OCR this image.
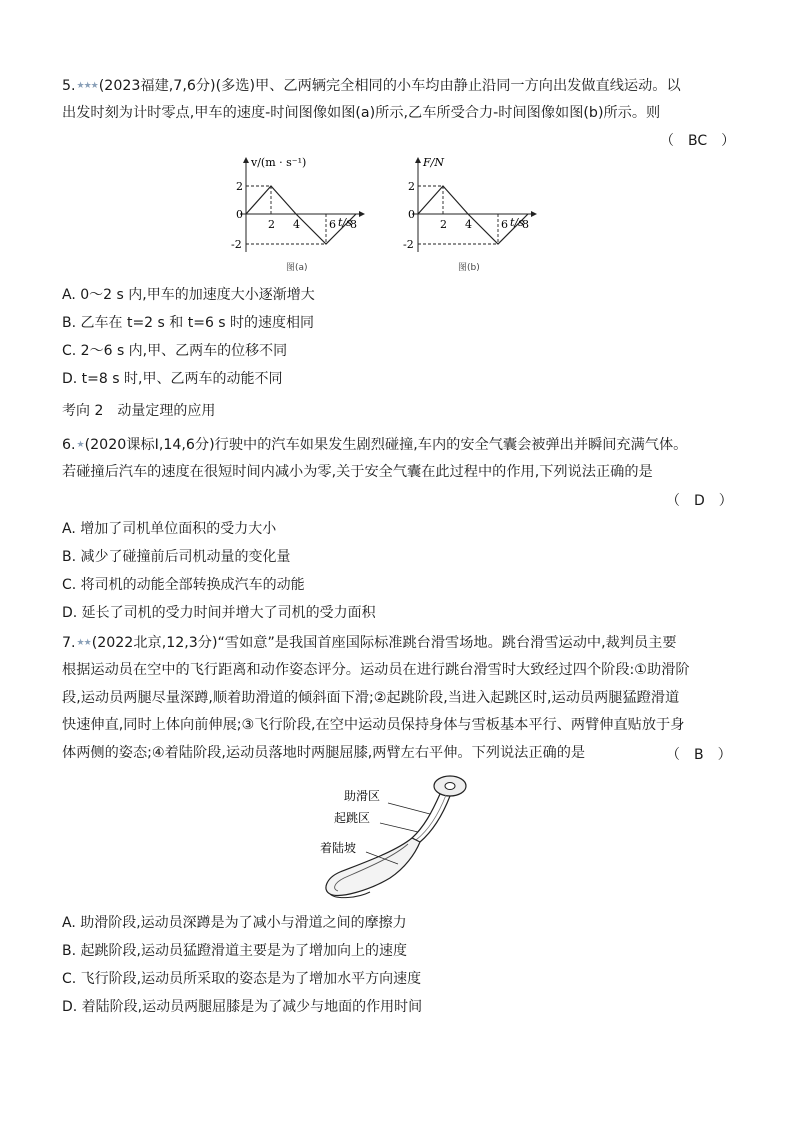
5.★★★(2023福建,7,6分)(多选)甲、乙两辆完全相同的小车均由静止沿同一方向出发做直线运动。以
出发时刻为计时零点,甲车的速度-时间图像如图(a)所示,乙车所受合力-时间图像如图(b)所示。则
（　BC　）
v/(m · s⁻¹)
t/s
0
2
-2
2 4	6 8
图(a)
F/N
t/s
0
2
-2
2 4	6 8
图(b)
A. 0～2 s 内,甲车的加速度大小逐渐增大
B. 乙车在 t=2 s 和 t=6 s 时的速度相同
C. 2～6 s 内,甲、乙两车的位移不同
D. t=8 s 时,甲、乙两车的动能不同
考向 2　动量定理的应用
6.★(2020课标Ⅰ,14,6分)行驶中的汽车如果发生剧烈碰撞,车内的安全气囊会被弹出并瞬间充满气体。
若碰撞后汽车的速度在很短时间内减小为零,关于安全气囊在此过程中的作用,下列说法正确的是
（　D　）
A. 增加了司机单位面积的受力大小
B. 减少了碰撞前后司机动量的变化量
C. 将司机的动能全部转换成汽车的动能
D. 延长了司机的受力时间并增大了司机的受力面积
7.★★(2022北京,12,3分)“雪如意”是我国首座国际标准跳台滑雪场地。跳台滑雪运动中,裁判员主要
根据运动员在空中的飞行距离和动作姿态评分。运动员在进行跳台滑雪时大致经过四个阶段:①助滑阶
段,运动员两腿尽量深蹲,顺着助滑道的倾斜面下滑;②起跳阶段,当进入起跳区时,运动员两腿猛蹬滑道
快速伸直,同时上体向前伸展;③飞行阶段,在空中运动员保持身体与雪板基本平行、两臂伸直贴放于身
体两侧的姿态;④着陆阶段,运动员落地时两腿屈膝,两臂左右平伸。下列说法正确的是	（　B　）
助滑区
起跳区
着陆坡
A. 助滑阶段,运动员深蹲是为了减小与滑道之间的摩擦力
B. 起跳阶段,运动员猛蹬滑道主要是为了增加向上的速度
C. 飞行阶段,运动员所采取的姿态是为了增加水平方向速度
D. 着陆阶段,运动员两腿屈膝是为了减少与地面的作用时间
